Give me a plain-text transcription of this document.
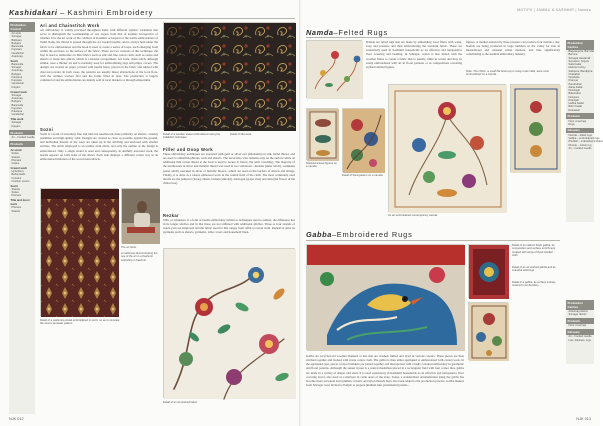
Kashidakari – Kashmiri Embroidery
Production Context
Ari work
Srinagar
Baltistan
Budgam
Baramulla
Kupwara
Ganderbal
Anantnag
Sozni
Baramulla
Srinagar
Anantnag
Budgam
Pulwama
Kupwara
Ganderbal
Kulgam
Crewel work
Srinagar
Anantnag
Budgam
Baramulla
Kupwara
Pulwama
Ganderbal
Tilla work
Srinagar
Kulgam
Products
Ari – hooked needle
Products
Ari work
Stoles
Shawls
Pherans
Capes
Crewel work
Upholstery
Bedspreads
Curtains
Cushion covers
Sozni
Shawls
Stoles
Pherans
Tilla and doori work
Pherans
Shawls
Ari and Chainstitch Work
Ari embroidery is widely practised throughout India with different stylistic variations that serve to distinguish the workmanship of one region from that of another. Irrespective of whether it be the ari work of the cobblers of Kashmir or Gujarat or the textile embroiderers of Tamil Nadu, the thread is passed through the ari, hooked needle, and is always held under the fabric to be embroidered and the hook is used to create a series of loops, each emerging from within the previous, so the surface of the fabric. There are two versions of this technique: the first is used to embroider on thin fabrics such as silk and fine cotton cloth, such as stoles and shawls or made into phiran, which is a heavier overgarment. Ari work, chain stitch, although similar, uses a thicker ari and is normally used for embroidering rugs and pillow covers. The designs are created on paper, pricked with needle holes, placed on the fabric and rubbed with charcoal powder. In both cases, the patterns are usually linear abstractions of the local flora, with the outlines worked first and the forms filled in later. The production is largely commercial and the embroideries are mainly sold in local markets or through emporiums.
Sozni
Sozni is a form of extremely fine and intricate needlework done primarily on shawls—mainly pashmina and high-quality rafal. Designs are created as close as possible against the ground, and individual threads of the warp are taken up in the stitching and enclosed with smaller stitches. The stitch employed is an outline stem stitch, and only the outline of the design is embroidered. Only a single strand is used and consequently, in skilfully executed work, the needle appears on both sides of the shawl. Each side displays a different colour way in an embroidered imitation of the woven kani shawls.
Detail of a woollen shawl embroidered using the zalakdozi technique.
Detail of tilla work.
Filler and Doop Work
These embroidery techniques are executed with gold or silver zari (kilabatun) on silk, blend thread, and are used to embellish phirans, saris and shawls. The decorative wire remains only on the surface while an additional thin cotton thread at the back is used to secure it; hence, the term 'couching'. The majority of the needlework in silver and metallic thread was used in two variations—mondar (inner stitch), sozinkaka (outer stitch) executed in silver or metallic thread—which are used on the borders of shawls and shrugs. Finally, it is done as a raised, embossed work in the central field of the cloth. The most commonly used motifs are the pampoor (lotus), chinar, badam (almond), dauli-gun (grape vine) and dain (the flower of the chinar tree).
The ari hook.
A craftsman demonstrating the use of the ari in a Kashmiri workshop in Kashmir.
Detail of a pashmina shawl embroidered in sozni, so as to simulate the woven jamawar pattern.
Rezkar
Tilla, or zalakdozi, is a form of needle embroidery similar to techniques used to outline; the difference lies in its longer stitches and in that these are not stiffened with additional stitches. Three or four strands of staple yarn are employed and the fabric used for this ranges from raffal to cotton cloth. Rezkari is done on garments such as shawls, garments, table covers and household linen.
Detail of an ari worked fabric.
NJK 012
MOTIFS | JAMMU & KASHMIR | Namda
Namda–Felted Rugs
Namda are felted rugs that are made by embedding wool fibres with water, soap and pressure and then embroidering the resultant fabric. These are extensively used in Kashmiri households as an effective and inexpensive floor covering and bedding. In Srinagar, cotton is also mixed with the woollen fibres to create a fabric that is usually white in colour and may be easily embroidered with ari in floral patterns or in compositions revealing stylised animal figures.
figures. A marker assisted by three pressers can produce four namda a day. Namda are being produced in large numbers in the valley for sale in international and national urban markets, and thus significantly contributing to the kashida embroidery industry.
Note: The chitror, a small flat bowl cup in many rural crafts, were once embroidered on a namda.
Stacked animal figures on a namda.
Detail of floral pattern on a namda.
An ari-embroidered contemporary namda.
Gabba–Embroidered Rugs
Detail of an indirect block gabba, its composition and surface enrichment created with strips of dyed woollen cloth.
Detail of an ari worked gabba and its colourful stitchings.
Detail of a gabba, its surface entirely covered in embroidery.
Gabba are recycled old woollen blankets or lois that are washed, milled and dyed in various colours. These pieces are then stitched together and backed with waste cotton cloth. The gabba is then either appliquéd or embroidered with crewel work. In the appliquéd type, pieces of dyed blankets are joined together and interspersed with vividly coloured embroidery in geometric and floral patterns. Although the sunset layout is a central medallion placed in a rectangular field with four corner tiles, gabba are made in a variety of shapes and sizes. It is used extensively in Kashmiri households as an effective and inexpensive floor covering and is also used as a mattress in cattle areas of the state. Today, a standardised ornamentation using the gabba has become more prevalent and synthetic colours and nylon threads have also been added to the production process. Gabba makers from Srinagar were invited to Punjab to prepare phulkari-like (ornamental) panels...
NJK 013
Production Centres
Bagwanpora, Barzulla
Bemina
Srinagar Hawalmill
Sonawari, Sopore
Safa Kadal
Islamia Colony
Safapora, Bandipora
Chattabal
Nowhatta
Khanyar
Pandrethan
Zaina Kadal
Noorbagh
Batamaloo
Nowpora
Khanqah
Habba Kadal
Bohri Kadal
Rainawari
Products
Floor coverings
Rugs
Glossary
Namda – felted rugs
Gabba – embroidered rugs
Phulkari – embroidered shawl
Dhurrie – cotton rug
Ari – hooked needle
Production Centres
Anantnag district
Srinagar district
Products
Floor coverings
Glossary
Ari – hooked needle
Lois, blankets, rugs
